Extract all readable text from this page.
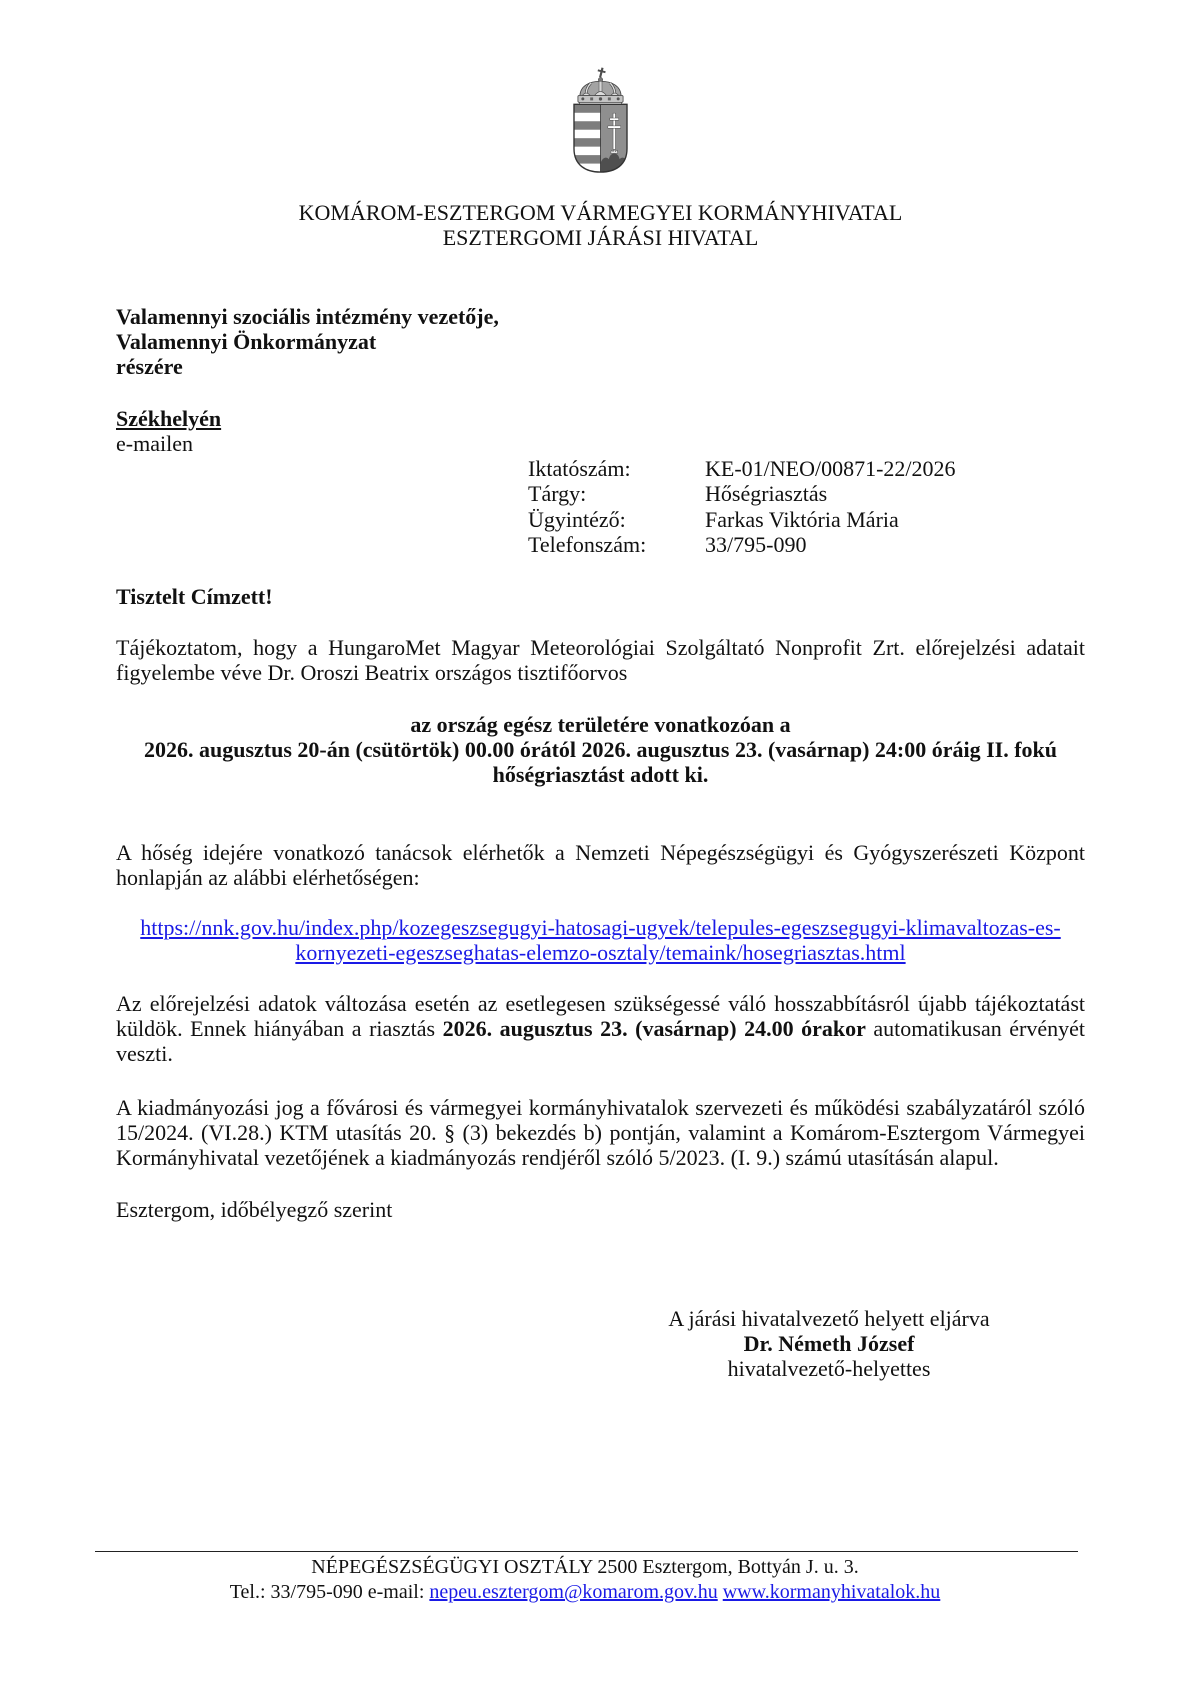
KOMÁROM-ESZTERGOM VÁRMEGYEI KORMÁNYHIVATAL
ESZTERGOMI JÁRÁSI HIVATAL
Valamennyi szociális intézmény vezetője,
Valamennyi Önkormányzat
részére
Székhelyén
e-mailen
Iktatószám:	KE-01/NEO/00871-22/2026
Tárgy:	Hőségriasztás
Ügyintéző:	Farkas Viktória Mária
Telefonszám:	33/795-090
Tisztelt Címzett!
Tájékoztatom, hogy a HungaroMet Magyar Meteorológiai Szolgáltató Nonprofit Zrt. előrejelzési adatait
figyelembe véve Dr. Oroszi Beatrix országos tisztifőorvos
az ország egész területére vonatkozóan a
2026. augusztus 20-án (csütörtök) 00.00 órától 2026. augusztus 23. (vasárnap) 24:00 óráig II. fokú
hőségriasztást adott ki.
A hőség idejére vonatkozó tanácsok elérhetők a Nemzeti Népegészségügyi és Gyógyszerészeti Központ
honlapján az alábbi elérhetőségen:
https://nnk.gov.hu/index.php/kozegeszsegugyi-hatosagi-ugyek/telepules-egeszsegugyi-klimavaltozas-es-
kornyezeti-egeszseghatas-elemzo-osztaly/temaink/hosegriasztas.html
Az előrejelzési adatok változása esetén az esetlegesen szükségessé váló hosszabbításról újabb tájékoztatást
küldök. Ennek hiányában a riasztás 2026. augusztus 23. (vasárnap) 24.00 órakor automatikusan érvényét
veszti.
A kiadmányozási jog a fővárosi és vármegyei kormányhivatalok szervezeti és működési szabályzatáról szóló
15/2024. (VI.28.) KTM utasítás 20. § (3) bekezdés b) pontján, valamint a Komárom-Esztergom Vármegyei
Kormányhivatal vezetőjének a kiadmányozás rendjéről szóló 5/2023. (I. 9.) számú utasításán alapul.
Esztergom, időbélyegző szerint
A járási hivatalvezető helyett eljárva
Dr. Németh József
hivatalvezető-helyettes
NÉPEGÉSZSÉGÜGYI OSZTÁLY 2500 Esztergom, Bottyán J. u. 3.
Tel.: 33/795-090 e-mail: nepeu.esztergom@komarom.gov.hu www.kormanyhivatalok.hu
